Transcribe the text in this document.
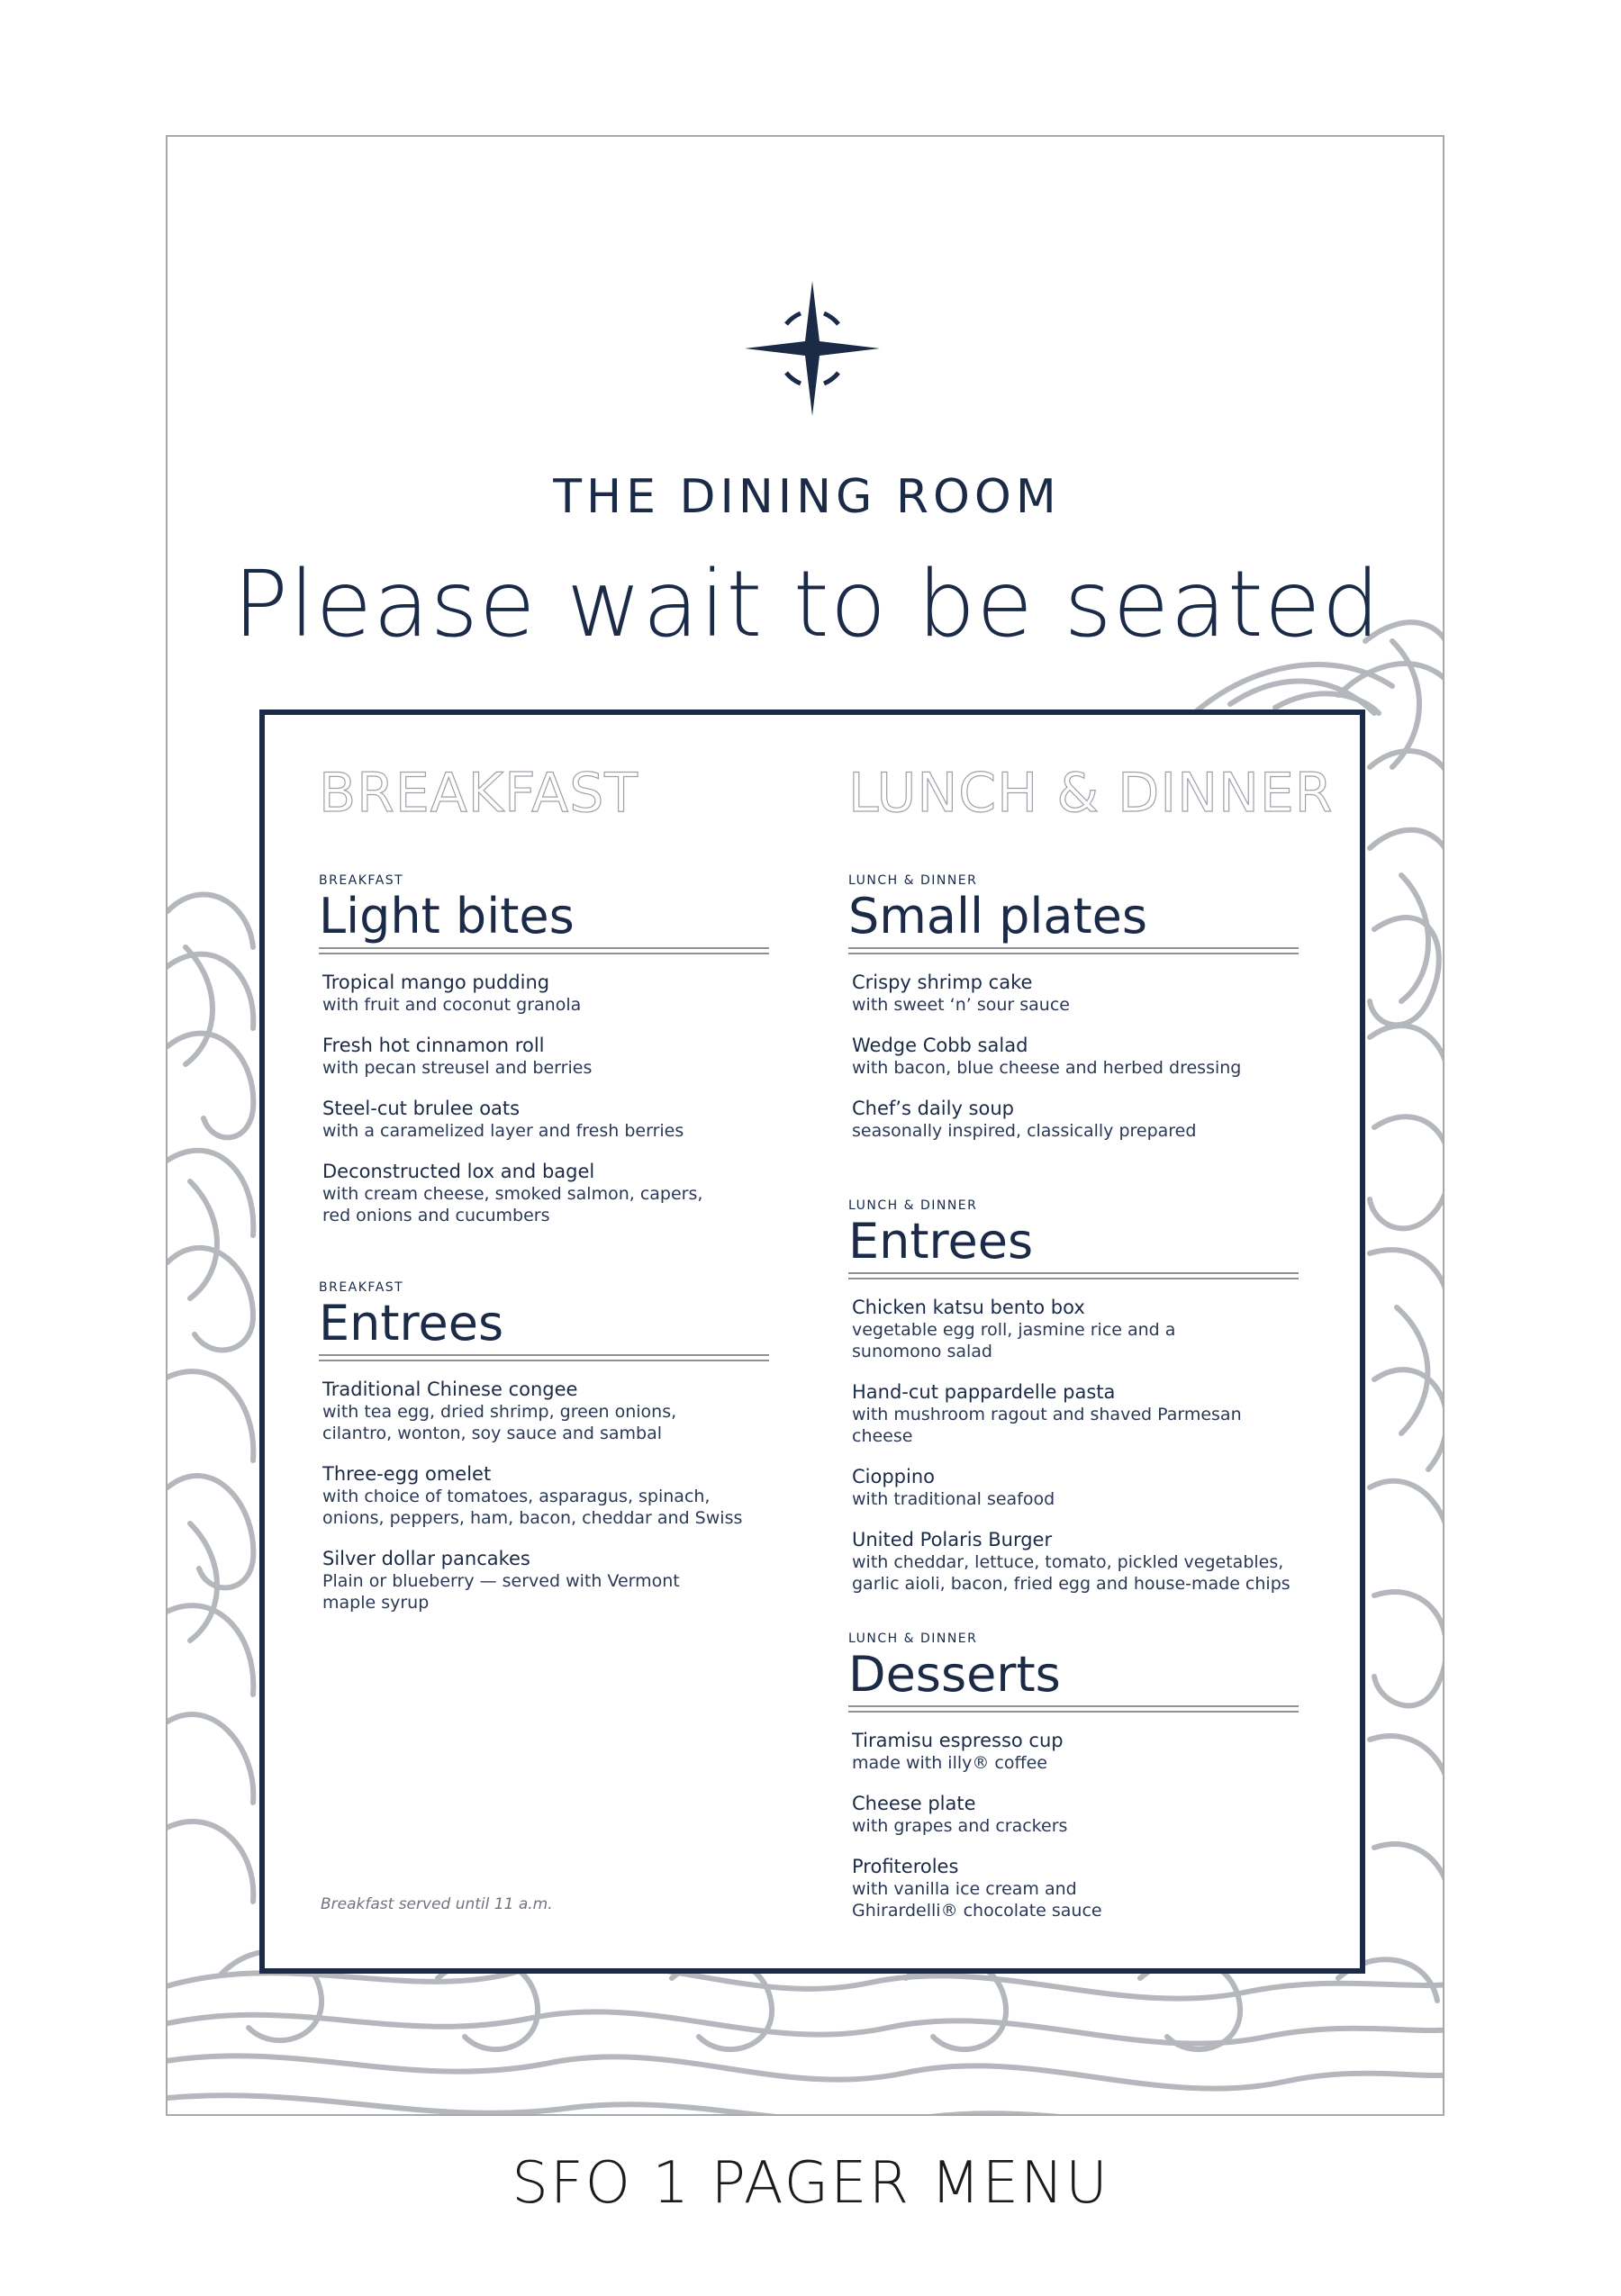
THE DINING ROOM
Please wait to be seated
BREAKFAST
BREAKFAST
Light bites
Tropical mango pudding
with fruit and coconut granola
Fresh hot cinnamon roll
with pecan streusel and berries
Steel-cut brulee oats
with a caramelized layer and fresh berries
Deconstructed lox and bagel
with cream cheese, smoked salmon, capers,
red onions and cucumbers
BREAKFAST
Entrees
Traditional Chinese congee
with tea egg, dried shrimp, green onions,
cilantro, wonton, soy sauce and sambal
Three-egg omelet
with choice of tomatoes, asparagus, spinach,
onions, peppers, ham, bacon, cheddar and Swiss
Silver dollar pancakes
Plain or blueberry — served with Vermont
maple syrup
Breakfast served until 11 a.m.
LUNCH & DINNER
LUNCH & DINNER
Small plates
Crispy shrimp cake
with sweet ‘n’ sour sauce
Wedge Cobb salad
with bacon, blue cheese and herbed dressing
Chef’s daily soup
seasonally inspired, classically prepared
LUNCH & DINNER
Entrees
Chicken katsu bento box
vegetable egg roll, jasmine rice and a
sunomono salad
Hand-cut pappardelle pasta
with mushroom ragout and shaved Parmesan cheese
Cioppino
with traditional seafood
United Polaris Burger
with cheddar, lettuce, tomato, pickled vegetables,
garlic aioli, bacon, fried egg and house-made chips
LUNCH & DINNER
Desserts
Tiramisu espresso cup
made with illy® coffee
Cheese plate
with grapes and crackers
Profiteroles
with vanilla ice cream and
Ghirardelli® chocolate sauce
SFO 1 PAGER MENU
